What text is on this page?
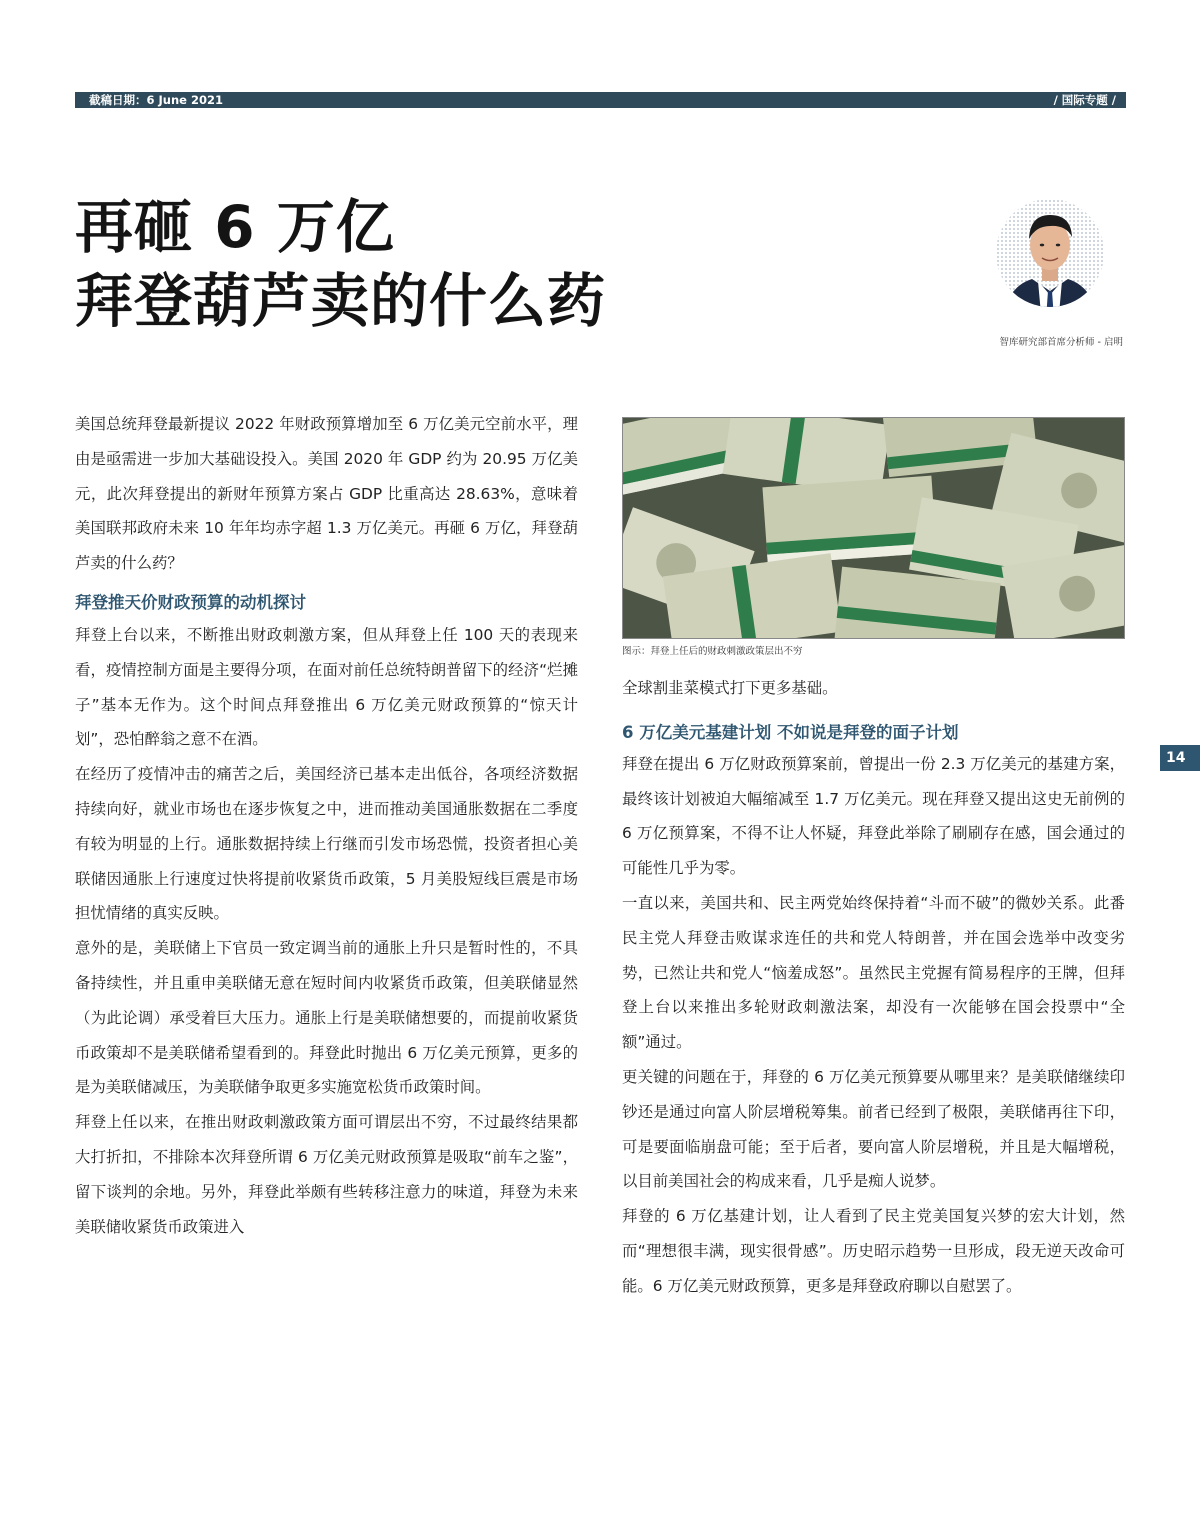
截稿日期：6 June 2021	/ 国际专题 /
再砸 6 万亿
拜登葫芦卖的什么药
智库研究部首席分析师 - 启明

美国总统拜登最新提议 2022 年财政预算增加至 6 万亿美元空前水平，理由是亟需进一步加大基础设投入。美国 2020 年 GDP 约为 20.95 万亿美元，此次拜登提出的新财年预算方案占 GDP 比重高达 28.63%，意味着美国联邦政府未来 10 年年均赤字超 1.3 万亿美元。再砸 6 万亿，拜登葫芦卖的什么药？

拜登推天价财政预算的动机探讨

拜登上台以来，不断推出财政刺激方案，但从拜登上任 100 天的表现来看，疫情控制方面是主要得分项，在面对前任总统特朗普留下的经济“烂摊子”基本无作为。这个时间点拜登推出 6 万亿美元财政预算的“惊天计划”，恐怕醉翁之意不在酒。

在经历了疫情冲击的痛苦之后，美国经济已基本走出低谷，各项经济数据持续向好，就业市场也在逐步恢复之中，进而推动美国通胀数据在二季度有较为明显的上行。通胀数据持续上行继而引发市场恐慌，投资者担心美联储因通胀上行速度过快将提前收紧货币政策，5 月美股短线巨震是市场担忧情绪的真实反映。

意外的是，美联储上下官员一致定调当前的通胀上升只是暂时性的，不具备持续性，并且重申美联储无意在短时间内收紧货币政策，但美联储显然（为此论调）承受着巨大压力。通胀上行是美联储想要的，而提前收紧货币政策却不是美联储希望看到的。拜登此时抛出 6 万亿美元预算，更多的是为美联储减压，为美联储争取更多实施宽松货币政策时间。

拜登上任以来，在推出财政刺激政策方面可谓层出不穷，不过最终结果都大打折扣，不排除本次拜登所谓 6 万亿美元财政预算是吸取“前车之鉴”，留下谈判的余地。另外，拜登此举颇有些转移注意力的味道，拜登为未来美联储收紧货币政策进入

图示：拜登上任后的财政刺激政策层出不穷

全球割韭菜模式打下更多基础。

6 万亿美元基建计划 不如说是拜登的面子计划

拜登在提出 6 万亿财政预算案前，曾提出一份 2.3 万亿美元的基建方案，最终该计划被迫大幅缩减至 1.7 万亿美元。现在拜登又提出这史无前例的 6 万亿预算案，不得不让人怀疑，拜登此举除了刷刷存在感，国会通过的可能性几乎为零。

一直以来，美国共和、民主两党始终保持着“斗而不破”的微妙关系。此番民主党人拜登击败谋求连任的共和党人特朗普，并在国会选举中改变劣势，已然让共和党人“恼羞成怒”。虽然民主党握有简易程序的王牌，但拜登上台以来推出多轮财政刺激法案，却没有一次能够在国会投票中“全额”通过。

更关键的问题在于，拜登的 6 万亿美元预算要从哪里来？是美联储继续印钞还是通过向富人阶层增税筹集。前者已经到了极限，美联储再往下印，可是要面临崩盘可能；至于后者，要向富人阶层增税，并且是大幅增税，以目前美国社会的构成来看，几乎是痴人说梦。

拜登的 6 万亿基建计划，让人看到了民主党美国复兴梦的宏大计划，然而“理想很丰满，现实很骨感”。历史昭示趋势一旦形成，段无逆天改命可能。6 万亿美元财政预算，更多是拜登政府聊以自慰罢了。

14
